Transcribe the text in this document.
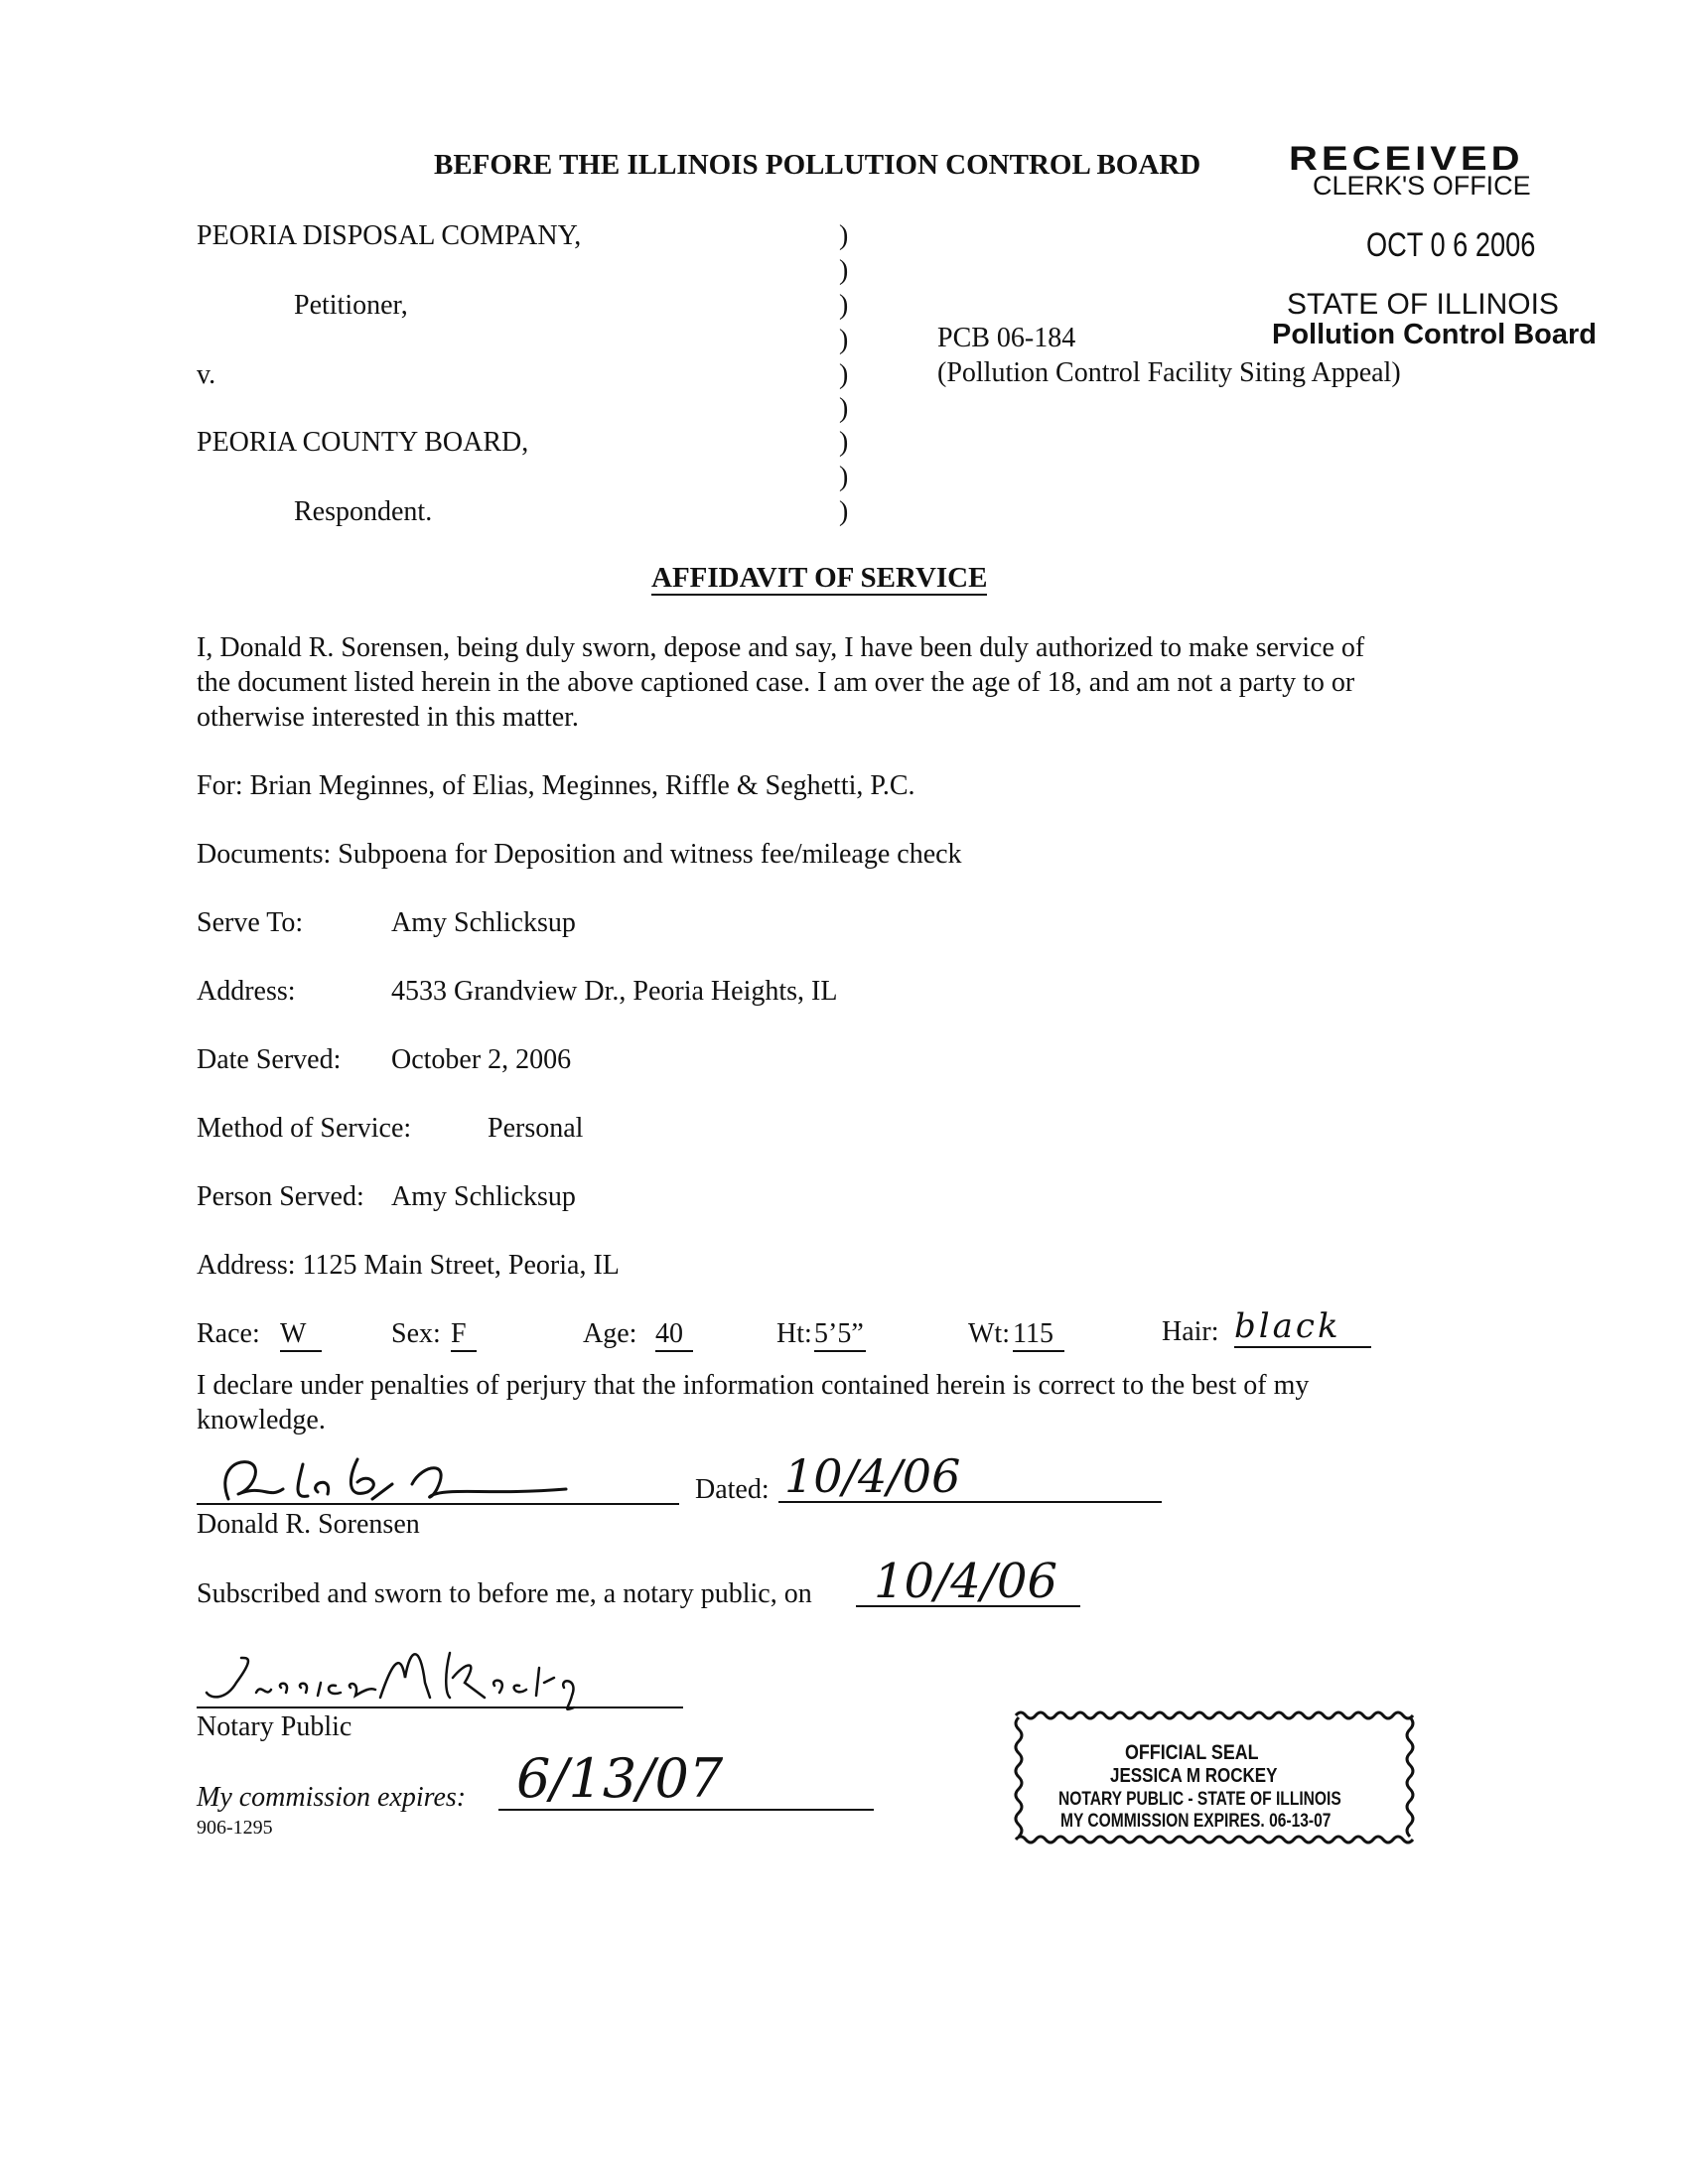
BEFORE THE ILLINOIS POLLUTION CONTROL BOARD RECEIVED
CLERK'S OFFICE
OCT 0 6 2006
STATE OF ILLINOIS
Pollution Control Board
PEORIA DISPOSAL COMPANY,
Petitioner,
v.
PEORIA COUNTY BOARD,
Respondent.
)
)
)
)
)
)
)
)
)
PCB 06-184
(Pollution Control Facility Siting Appeal)
AFFIDAVIT OF SERVICE
I, Donald R. Sorensen, being duly sworn, depose and say, I have been duly authorized to make service of
the document listed herein in the above captioned case. I am over the age of 18, and am not a party to or
otherwise interested in this matter.
For: Brian Meginnes, of Elias, Meginnes, Riffle & Seghetti, P.C.
Documents: Subpoena for Deposition and witness fee/mileage check
Serve To:	Amy Schlicksup
Address:	4533 Grandview Dr., Peoria Heights, IL
Date Served: October 2, 2006
Method of Service:	Personal
Person Served: Amy Schlicksup
Address: 1125 Main Street, Peoria, IL
Race: W	Sex: F	Age: 40	Ht: 5’5”	Wt: 115	Hair: black
I declare under penalties of perjury that the information contained herein is correct to the best of my
knowledge.
Dated: 10/4/06
Donald R. Sorensen
Subscribed and sworn to before me, a notary public, on 10/4/06
Notary Public
My commission expires: 6/13/07
906-1295
OFFICIAL SEAL
JESSICA M ROCKEY
NOTARY PUBLIC - STATE OF ILLINOIS
MY COMMISSION EXPIRES. 06-13-07
